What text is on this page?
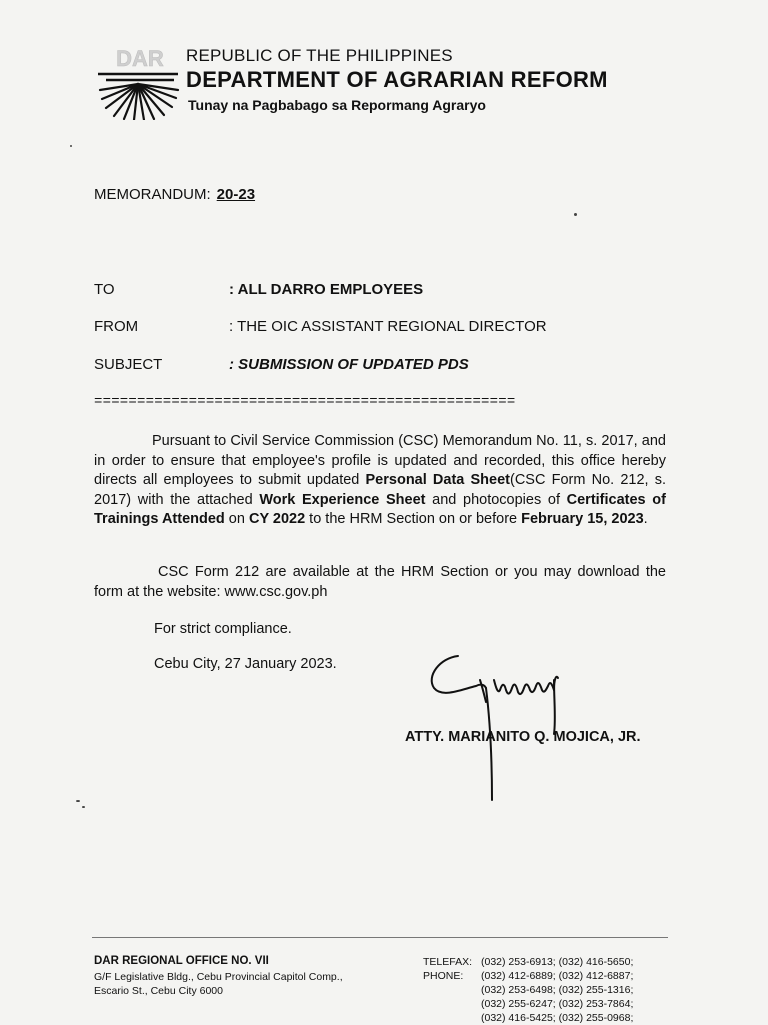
DAR REPUBLIC OF THE PHILIPPINES
DEPARTMENT OF AGRARIAN REFORM
Tunay na Pagbabago sa Repormang Agraryo
MEMORANDUM: 20-23
TO	: ALL DARRO EMPLOYEES
FROM	: THE OIC ASSISTANT REGIONAL DIRECTOR
SUBJECT	: SUBMISSION OF UPDATED PDS
=================================================

Pursuant to Civil Service Commission (CSC) Memorandum No. 11, s. 2017, and in order to ensure that employee's profile is updated and recorded, this office hereby directs all employees to submit updated Personal Data Sheet(CSC Form No. 212, s. 2017) with the attached Work Experience Sheet and photocopies of Certificates of Trainings Attended on CY 2022 to the HRM Section on or before February 15, 2023.

CSC Form 212 are available at the HRM Section or you may download the form at the website: www.csc.gov.ph

For strict compliance.
Cebu City, 27 January 2023.
ATTY. MARIANITO Q. MOJICA, JR.
DAR REGIONAL OFFICE NO. VII
G/F Legislative Bldg., Cebu Provincial Capitol Comp.,
Escario St., Cebu City 6000
TELEFAX: (032) 253-6913; (032) 416-5650;
PHONE: (032) 412-6889; (032) 412-6887;
(032) 253-6498; (032) 255-1316;
(032) 255-6247; (032) 253-7864;
(032) 416-5425; (032) 255-0968;
